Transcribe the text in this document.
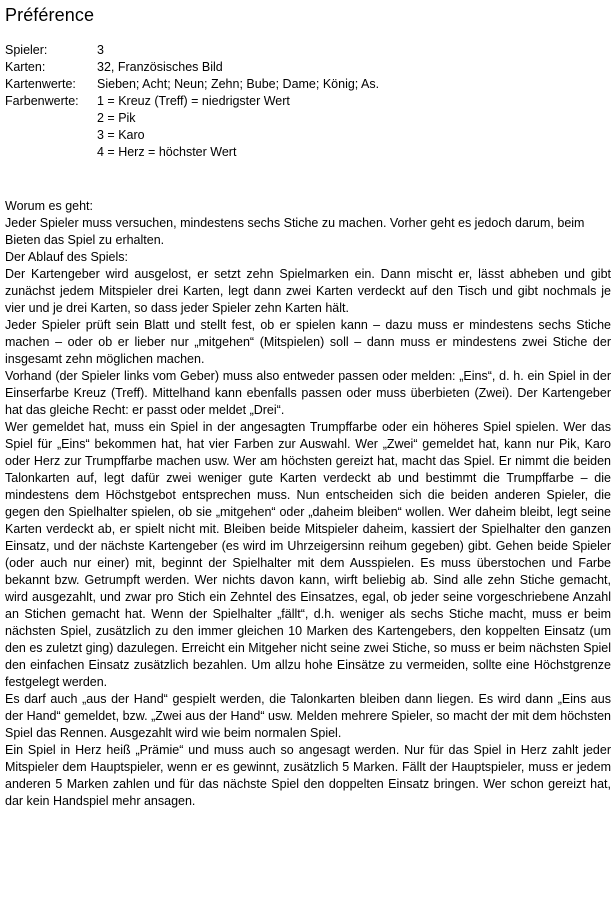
Préférence
Spieler:	3
Karten:	32, Französisches Bild
Kartenwerte:	Sieben; Acht; Neun; Zehn; Bube; Dame; König; As.
Farbenwerte:	1 = Kreuz (Treff) = niedrigster Wert
2 = Pik
3 = Karo
4 = Herz = höchster Wert

Worum es geht:

Jeder Spieler muss versuchen, mindestens sechs Stiche zu machen. Vorher geht es jedoch darum, beim Bieten das Spiel zu erhalten.

Der Ablauf des Spiels:

Der Kartengeber wird ausgelost, er setzt zehn Spielmarken ein. Dann mischt er, lässt abheben und gibt zunächst jedem Mitspieler drei Karten, legt dann zwei Karten verdeckt auf den Tisch und gibt nochmals je vier und je drei Karten, so dass jeder Spieler zehn Karten hält.

Jeder Spieler prüft sein Blatt und stellt fest, ob er spielen kann – dazu muss er mindestens sechs Stiche machen – oder ob er lieber nur „mitgehen“ (Mitspielen) soll – dann muss er mindestens zwei Stiche der insgesamt zehn möglichen machen.

Vorhand (der Spieler links vom Geber) muss also entweder passen oder melden: „Eins“, d. h. ein Spiel in der Einserfarbe Kreuz (Treff). Mittelhand kann ebenfalls passen oder muss überbieten (Zwei). Der Kartengeber hat das gleiche Recht: er passt oder meldet „Drei“.

Wer gemeldet hat, muss ein Spiel in der angesagten Trumpffarbe oder ein höheres Spiel spielen. Wer das Spiel für „Eins“ bekommen hat, hat vier Farben zur Auswahl. Wer „Zwei“ gemeldet hat, kann nur Pik, Karo oder Herz zur Trumpffarbe machen usw. Wer am höchsten gereizt hat, macht das Spiel. Er nimmt die beiden Talonkarten auf, legt dafür zwei weniger gute Karten verdeckt ab und bestimmt die Trumpffarbe – die mindestens dem Höchstgebot entsprechen muss. Nun entscheiden sich die beiden anderen Spieler, die gegen den Spielhalter spielen, ob sie „mitgehen“ oder „daheim bleiben“ wollen. Wer daheim bleibt, legt seine Karten verdeckt ab, er spielt nicht mit. Bleiben beide Mitspieler daheim, kassiert der Spielhalter den ganzen Einsatz, und der nächste Kartengeber (es wird im Uhrzeigersinn reihum gegeben) gibt. Gehen beide Spieler (oder auch nur einer) mit, beginnt der Spielhalter mit dem Ausspielen. Es muss überstochen und Farbe bekannt bzw. Getrumpft werden. Wer nichts davon kann, wirft beliebig ab. Sind alle zehn Stiche gemacht, wird ausgezahlt, und zwar pro Stich ein Zehntel des Einsatzes, egal, ob jeder seine vorgeschriebene Anzahl an Stichen gemacht hat. Wenn der Spielhalter „fällt“, d.h. weniger als sechs Stiche macht, muss er beim nächsten Spiel, zusätzlich zu den immer gleichen 10 Marken des Kartengebers, den koppelten Einsatz (um den es zuletzt ging) dazulegen. Erreicht ein Mitgeher nicht seine zwei Stiche, so muss er beim nächsten Spiel den einfachen Einsatz zusätzlich bezahlen. Um allzu hohe Einsätze zu vermeiden, sollte eine Höchstgrenze festgelegt werden.

Es darf auch „aus der Hand“ gespielt werden, die Talonkarten bleiben dann liegen. Es wird dann „Eins aus der Hand“ gemeldet, bzw. „Zwei aus der Hand“ usw. Melden mehrere Spieler, so macht der mit dem höchsten Spiel das Rennen. Ausgezahlt wird wie beim normalen Spiel.

Ein Spiel in Herz heiß „Prämie“ und muss auch so angesagt werden. Nur für das Spiel in Herz zahlt jeder Mitspieler dem Hauptspieler, wenn er es gewinnt, zusätzlich 5 Marken. Fällt der Hauptspieler, muss er jedem anderen 5 Marken zahlen und für das nächste Spiel den doppelten Einsatz bringen. Wer schon gereizt hat, dar kein Handspiel mehr ansagen.
